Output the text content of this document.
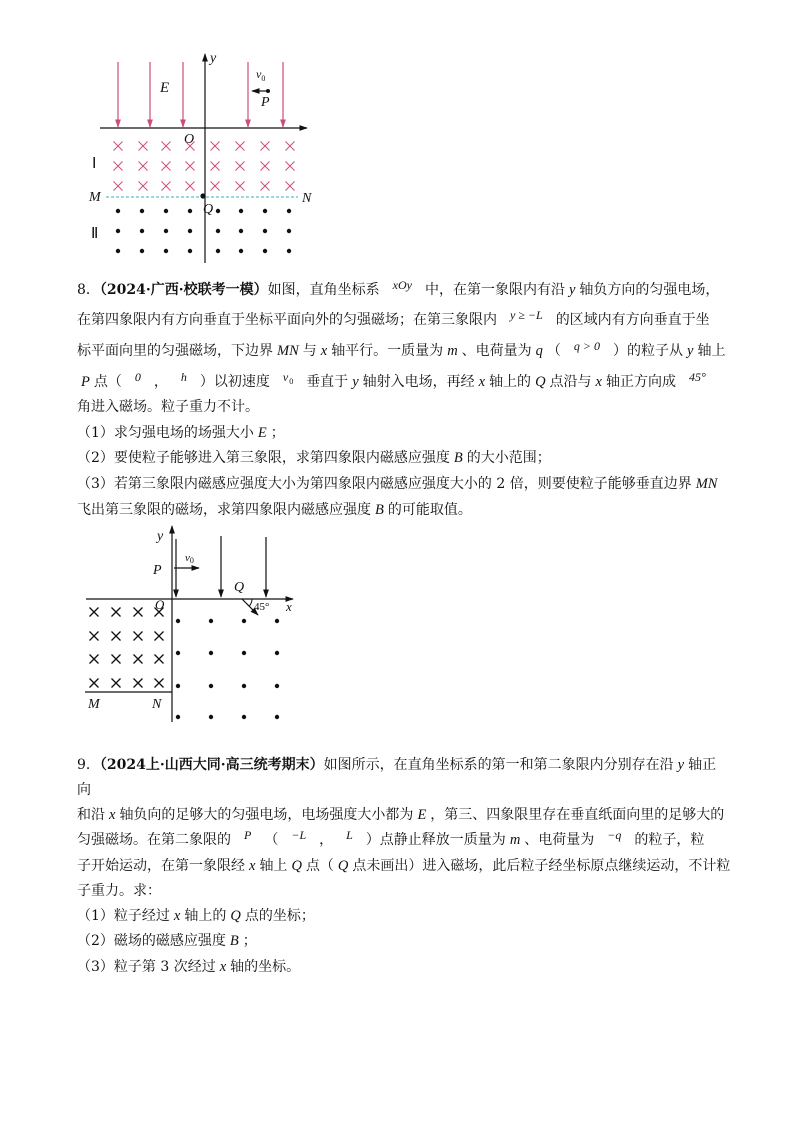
y
E
$v_0$
P
O
Ⅰ
M	N
Q
Ⅱ
8．（2024·广西·校联考一模）如图，直角坐标系 xOy 中，在第一象限内有沿 y 轴负方向的匀强电场，
在第四象限内有方向垂直于坐标平面向外的匀强磁场；在第三象限内 y ≥ −L 的区域内有方向垂直于坐
标平面向里的匀强磁场，下边界 MN 与 x 轴平行。一质量为 m 、电荷量为 q （ q > 0 ）的粒子从 y 轴上
P 点（ 0 ， h ）以初速度 $v_0$ 垂直于 y 轴射入电场，再经 x 轴上的 Q 点沿与 x 轴正方向成 45°
角进入磁场。粒子重力不计。
（1）求匀强电场的场强大小 E ；
（2）要使粒子能够进入第三象限，求第四象限内磁感应强度 B 的大小范围；
（3）若第三象限内磁感应强度大小为第四象限内磁感应强度大小的 2 倍，则要使粒子能够垂直边界 MN
飞出第三象限的磁场，求第四象限内磁感应强度 B 的可能取值。
y
x
P
v0
Q
45°
O
M	N
9．（2024上·山西大同·高三统考期末）如图所示，在直角坐标系的第一和第二象限内分别存在沿 y 轴正
向
和沿 x 轴负向的足够大的匀强电场，电场强度大小都为 E ，第三、四象限里存在垂直纸面向里的足够大的
匀强磁场。在第二象限的 P （ −L ， L ）点静止释放一质量为 m 、电荷量为 −q 的粒子，粒
子开始运动，在第一象限经 x 轴上 Q 点（ Q 点未画出）进入磁场，此后粒子经坐标原点继续运动，不计粒
子重力。求：
（1）粒子经过 x 轴上的 Q 点的坐标；
（2）磁场的磁感应强度 B ；
（3）粒子第 3 次经过 x 轴的坐标。
